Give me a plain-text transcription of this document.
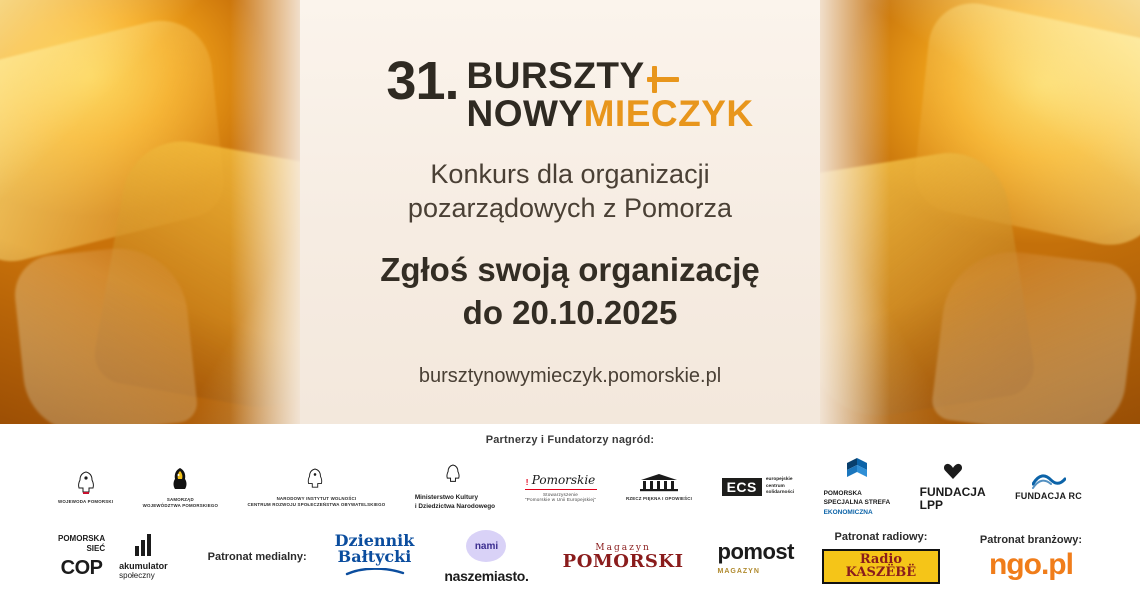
31. BURSZTY
NOWYMIECZYK
Konkurs dla organizacji
pozarządowych z Pomorza
Zgłoś swoją organizację
do 20.10.2025
bursztynowymieczyk.pomorskie.pl
Partnerzy i Fundatorzy nagród:
WOJEWODA POMORSKI	SAMORZĄD
WOJEWÓDZTWA POMORSKIEGO
NARODOWY INSTYTUT WOLNOŚCI
CENTRUM ROZWOJU SPOŁECZEŃSTWA OBYWATELSKIEGO
Ministerstwo Kultury
i Dziedzictwa Narodowego
! Pomorskie
Stowarzyszenie
"Pomorskie w Unii Europejskiej"	RZECZ PIĘKNA I OPOWIEŚCI
ECS	europejskie
centrum
solidarności	POMORSKA
SPECJALNA STREFA
EKONOMICZNA
FUNDACJA
LPP
FUNDACJA RC
POMORSKA
SIEĆ
COP akumulator
społeczny
Patronat medialny:
Dziennik
Bałtycki
nami
naszemiasto.
Magazyn
POMORSKI pomost
MAGAZYN
Patronat radiowy:
Radio KASZËBË
Patronat branżowy:
ngo.pl
